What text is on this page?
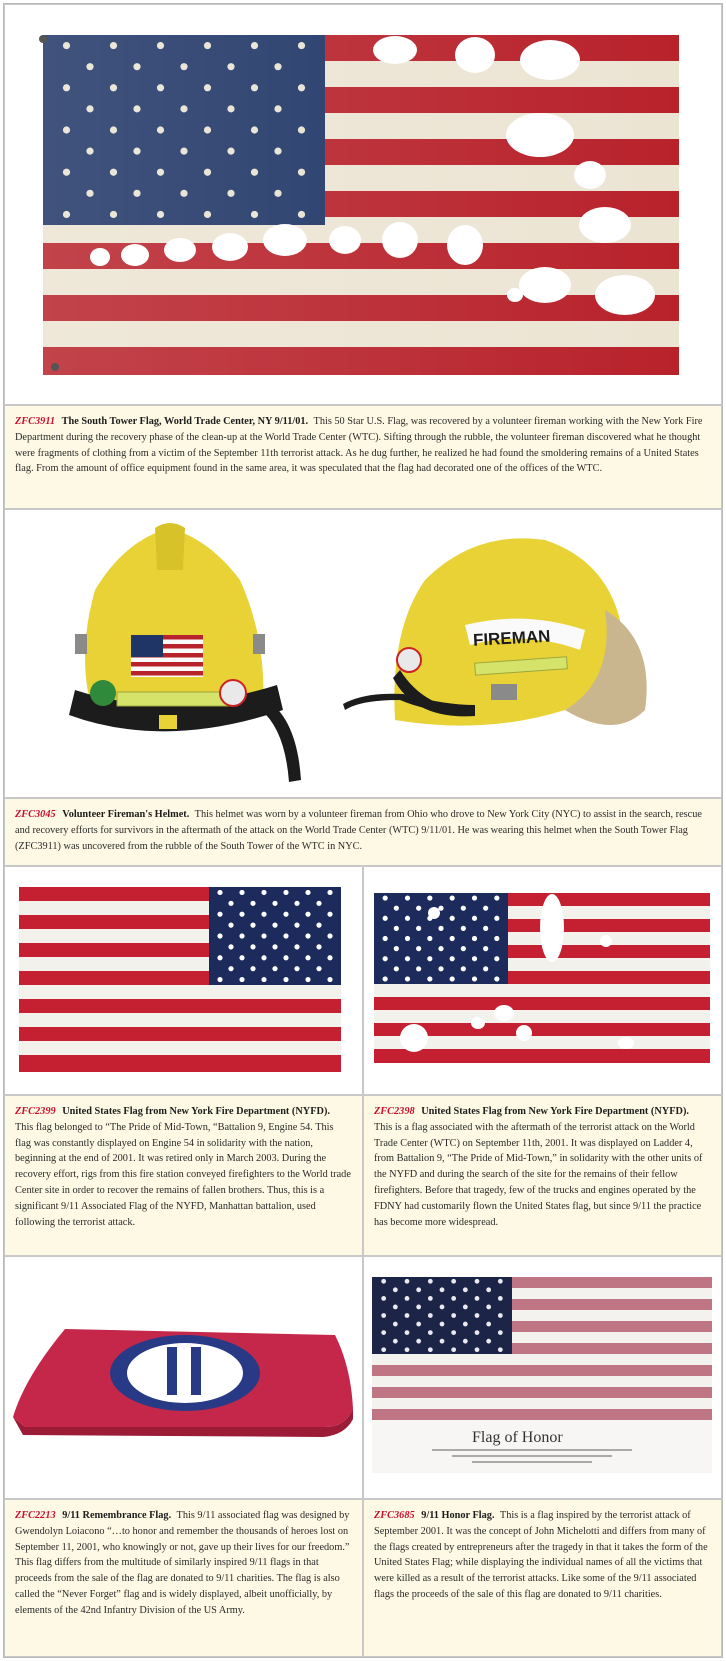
ZFC3911 The South Tower Flag, World Trade Center, NY 9/11/01. This 50 Star U.S. Flag, was recovered by a volunteer fireman working with the New York Fire Department during the recovery phase of the clean-up at the World Trade Center (WTC). Sifting through the rubble, the volunteer fireman discovered what he thought were fragments of clothing from a victim of the September 11th terrorist attack. As he dug further, he realized he had found the smoldering remains of a United States flag. From the amount of office equipment found in the same area, it was speculated that the flag had decorated one of the offices of the WTC.

FIREMAN

ZFC3045 Volunteer Fireman's Helmet. This helmet was worn by a volunteer fireman from Ohio who drove to New York City (NYC) to assist in the search, rescue and recovery efforts for survivors in the aftermath of the attack on the World Trade Center (WTC) 9/11/01. He was wearing this helmet when the South Tower Flag (ZFC3911) was uncovered from the rubble of the South Tower of the WTC in NYC.

ZFC2399 United States Flag from New York Fire Department (NYFD). This flag belonged to “The Pride of Mid-Town, “Battalion 9, Engine 54. This flag was constantly displayed on Engine 54 in solidarity with the nation, beginning at the end of 2001. It was retired only in March 2003. During the recovery effort, rigs from this fire station conveyed firefighters to the World trade Center site in order to recover the remains of fallen brothers. Thus, this is a significant 9/11 Associated Flag of the NYFD, Manhattan battalion, used following the terrorist attack.

ZFC2398 United States Flag from New York Fire Department (NYFD). This is a flag associated with the aftermath of the terrorist attack on the World Trade Center (WTC) on September 11th, 2001. It was displayed on Ladder 4, from Battalion 9, “The Pride of Mid-Town,” in solidarity with the other units of the NYFD and during the search of the site for the remains of their fellow firefighters. Before that tragedy, few of the trucks and engines operated by the FDNY had customarily flown the United States flag, but since 9/11 the practice has become more widespread.

GOD BLESS AMERICA
Flag of Honor

ZFC2213 9/11 Remembrance Flag. This 9/11 associated flag was designed by Gwendolyn Loiacono “…to honor and remember the thousands of heroes lost on September 11, 2001, who knowingly or not, gave up their lives for our freedom.”

This flag differs from the multitude of similarly inspired 9/11 flags in that proceeds from the sale of the flag are donated to 9/11 charities. The flag is also called the “Never Forget” flag and is widely displayed, albeit unofficially, by elements of the 42nd Infantry Division of the US Army.

ZFC3685 9/11 Honor Flag. This is a flag inspired by the terrorist attack of September 2001. It was the concept of John Michelotti and differs from many of the flags created by entrepreneurs after the tragedy in that it takes the form of the United States Flag; while displaying the individual names of all the victims that were killed as a result of the terrorist attacks. Like some of the 9/11 associated flags the proceeds of the sale of this flag are donated to 9/11 charities.
